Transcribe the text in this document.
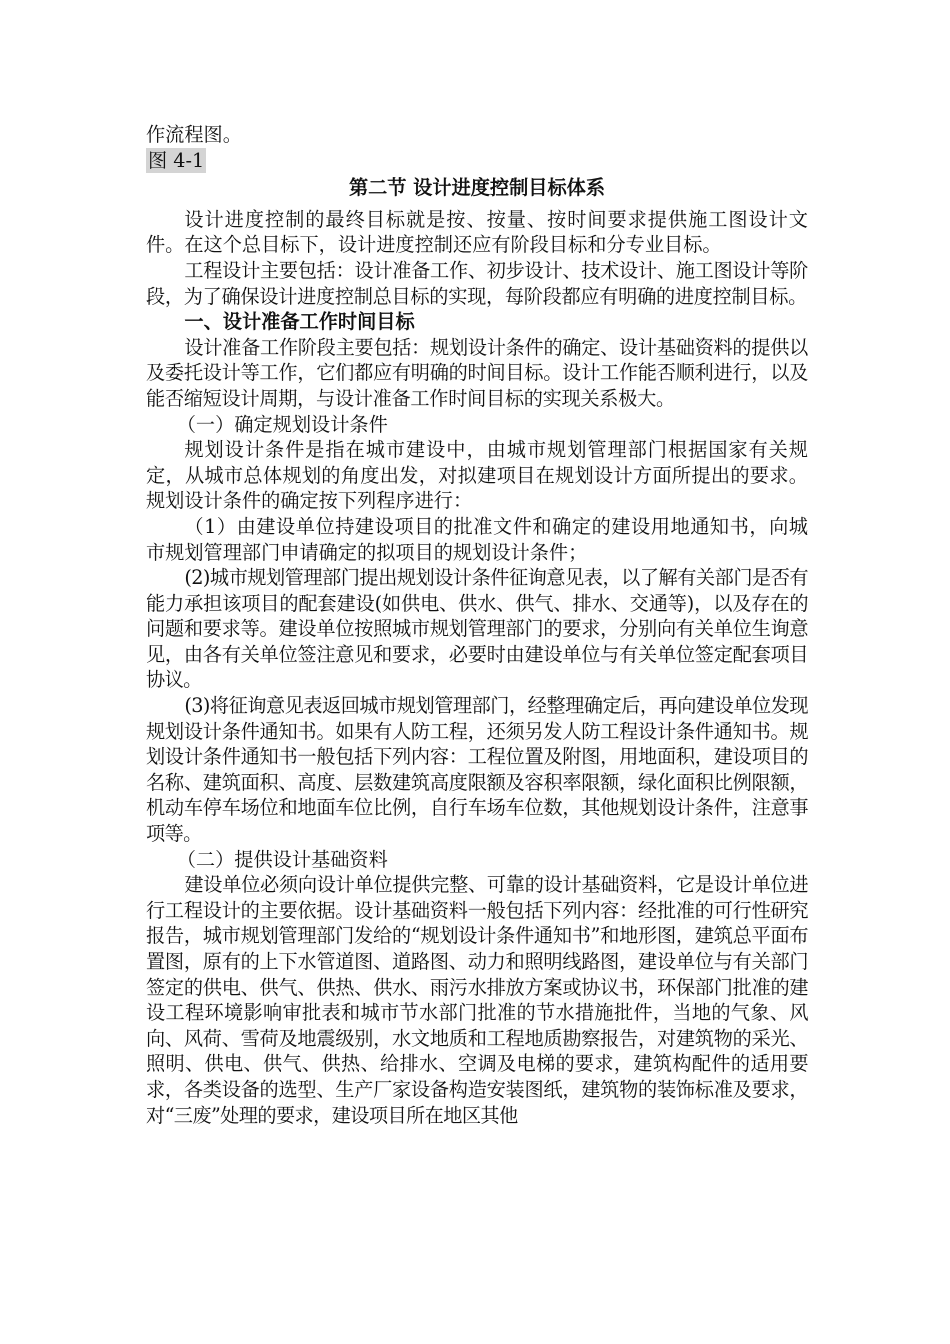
作流程图。

图 4-1

第二节 设计进度控制目标体系

设计进度控制的最终目标就是按、按量、按时间要求提供施工图设计文件。在这个总目标下，设计进度控制还应有阶段目标和分专业目标。

工程设计主要包括：设计准备工作、初步设计、技术设计、施工图设计等阶段，为了确保设计进度控制总目标的实现，每阶段都应有明确的进度控制目标。

一、设计准备工作时间目标

设计准备工作阶段主要包括：规划设计条件的确定、设计基础资料的提供以及委托设计等工作，它们都应有明确的时间目标。设计工作能否顺利进行，以及能否缩短设计周期，与设计准备工作时间目标的实现关系极大。

（一）确定规划设计条件

规划设计条件是指在城市建设中，由城市规划管理部门根据国家有关规定，从城市总体规划的角度出发，对拟建项目在规划设计方面所提出的要求。规划设计条件的确定按下列程序进行：

（1）由建设单位持建设项目的批准文件和确定的建设用地通知书，向城市规划管理部门申请确定的拟项目的规划设计条件；

(2)城市规划管理部门提出规划设计条件征询意见表，以了解有关部门是否有能力承担该项目的配套建设(如供电、供水、供气、排水、交通等)，以及存在的问题和要求等。建设单位按照城市规划管理部门的要求，分别向有关单位生询意见，由各有关单位签注意见和要求，必要时由建设单位与有关单位签定配套项目协议。

(3)将征询意见表返回城市规划管理部门，经整理确定后，再向建设单位发现规划设计条件通知书。如果有人防工程，还须另发人防工程设计条件通知书。规划设计条件通知书一般包括下列内容：工程位置及附图，用地面积，建设项目的名称、建筑面积、高度、层数建筑高度限额及容积率限额，绿化面积比例限额，机动车停车场位和地面车位比例，自行车场车位数，其他规划设计条件，注意事项等。

（二）提供设计基础资料

建设单位必须向设计单位提供完整、可靠的设计基础资料，它是设计单位进行工程设计的主要依据。设计基础资料一般包括下列内容：经批准的可行性研究报告，城市规划管理部门发给的“规划设计条件通知书”和地形图，建筑总平面布置图，原有的上下水管道图、道路图、动力和照明线路图，建设单位与有关部门签定的供电、供气、供热、供水、雨污水排放方案或协议书，环保部门批准的建设工程环境影响审批表和城市节水部门批准的节水措施批件，当地的气象、风向、风荷、雪荷及地震级别，水文地质和工程地质勘察报告，对建筑物的采光、照明、供电、供气、供热、给排水、空调及电梯的要求，建筑构配件的适用要求，各类设备的选型、生产厂家设备构造安装图纸，建筑物的装饰标准及要求，对“三废”处理的要求，建设项目所在地区其他
